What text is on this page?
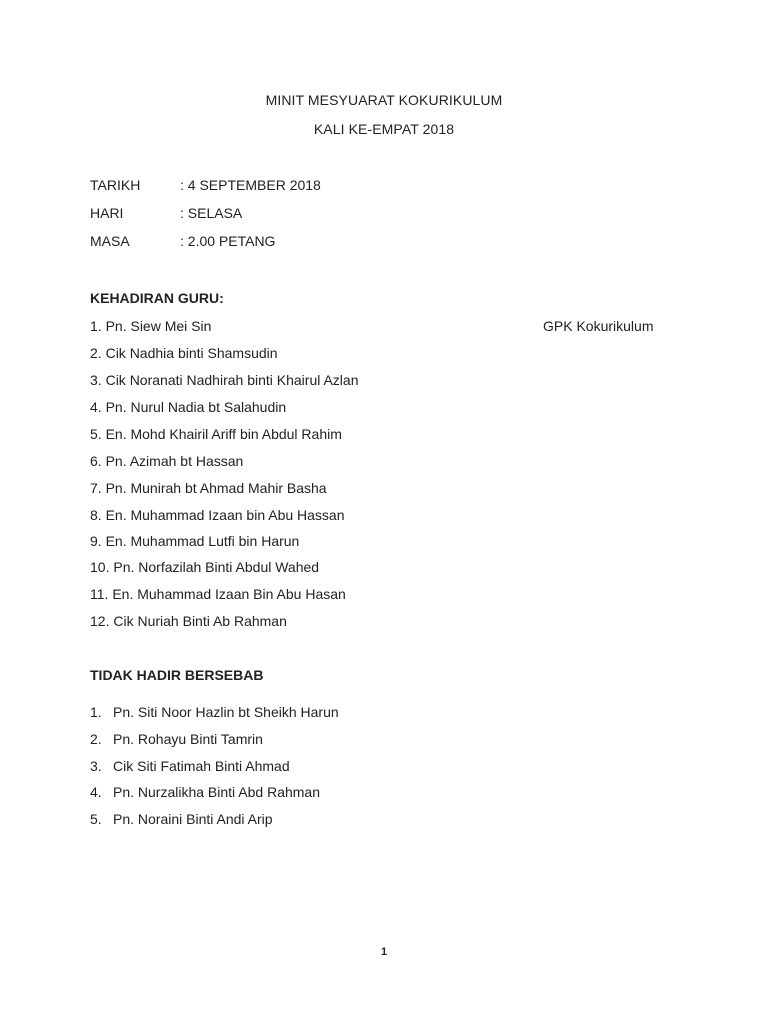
MINIT MESYUARAT KOKURIKULUM
KALI KE-EMPAT 2018
TARIKH	: 4 SEPTEMBER 2018
HARI	: SELASA
MASA	: 2.00 PETANG
KEHADIRAN GURU:
1. Pn. Siew Mei Sin	GPK Kokurikulum
2. Cik Nadhia binti Shamsudin
3. Cik Noranati Nadhirah binti Khairul Azlan
4. Pn. Nurul Nadia bt Salahudin
5. En. Mohd Khairil Ariff bin Abdul Rahim
6. Pn. Azimah bt Hassan
7. Pn. Munirah bt Ahmad Mahir Basha
8. En. Muhammad Izaan bin Abu Hassan
9. En. Muhammad Lutfi bin Harun
10. Pn. Norfazilah Binti Abdul Wahed
11. En. Muhammad Izaan Bin Abu Hasan
12. Cik Nuriah Binti Ab Rahman
TIDAK HADIR BERSEBAB
1. Pn. Siti Noor Hazlin bt Sheikh Harun
2. Pn. Rohayu Binti Tamrin
3. Cik Siti Fatimah Binti Ahmad
4. Pn. Nurzalikha Binti Abd Rahman
5. Pn. Noraini Binti Andi Arip
1
